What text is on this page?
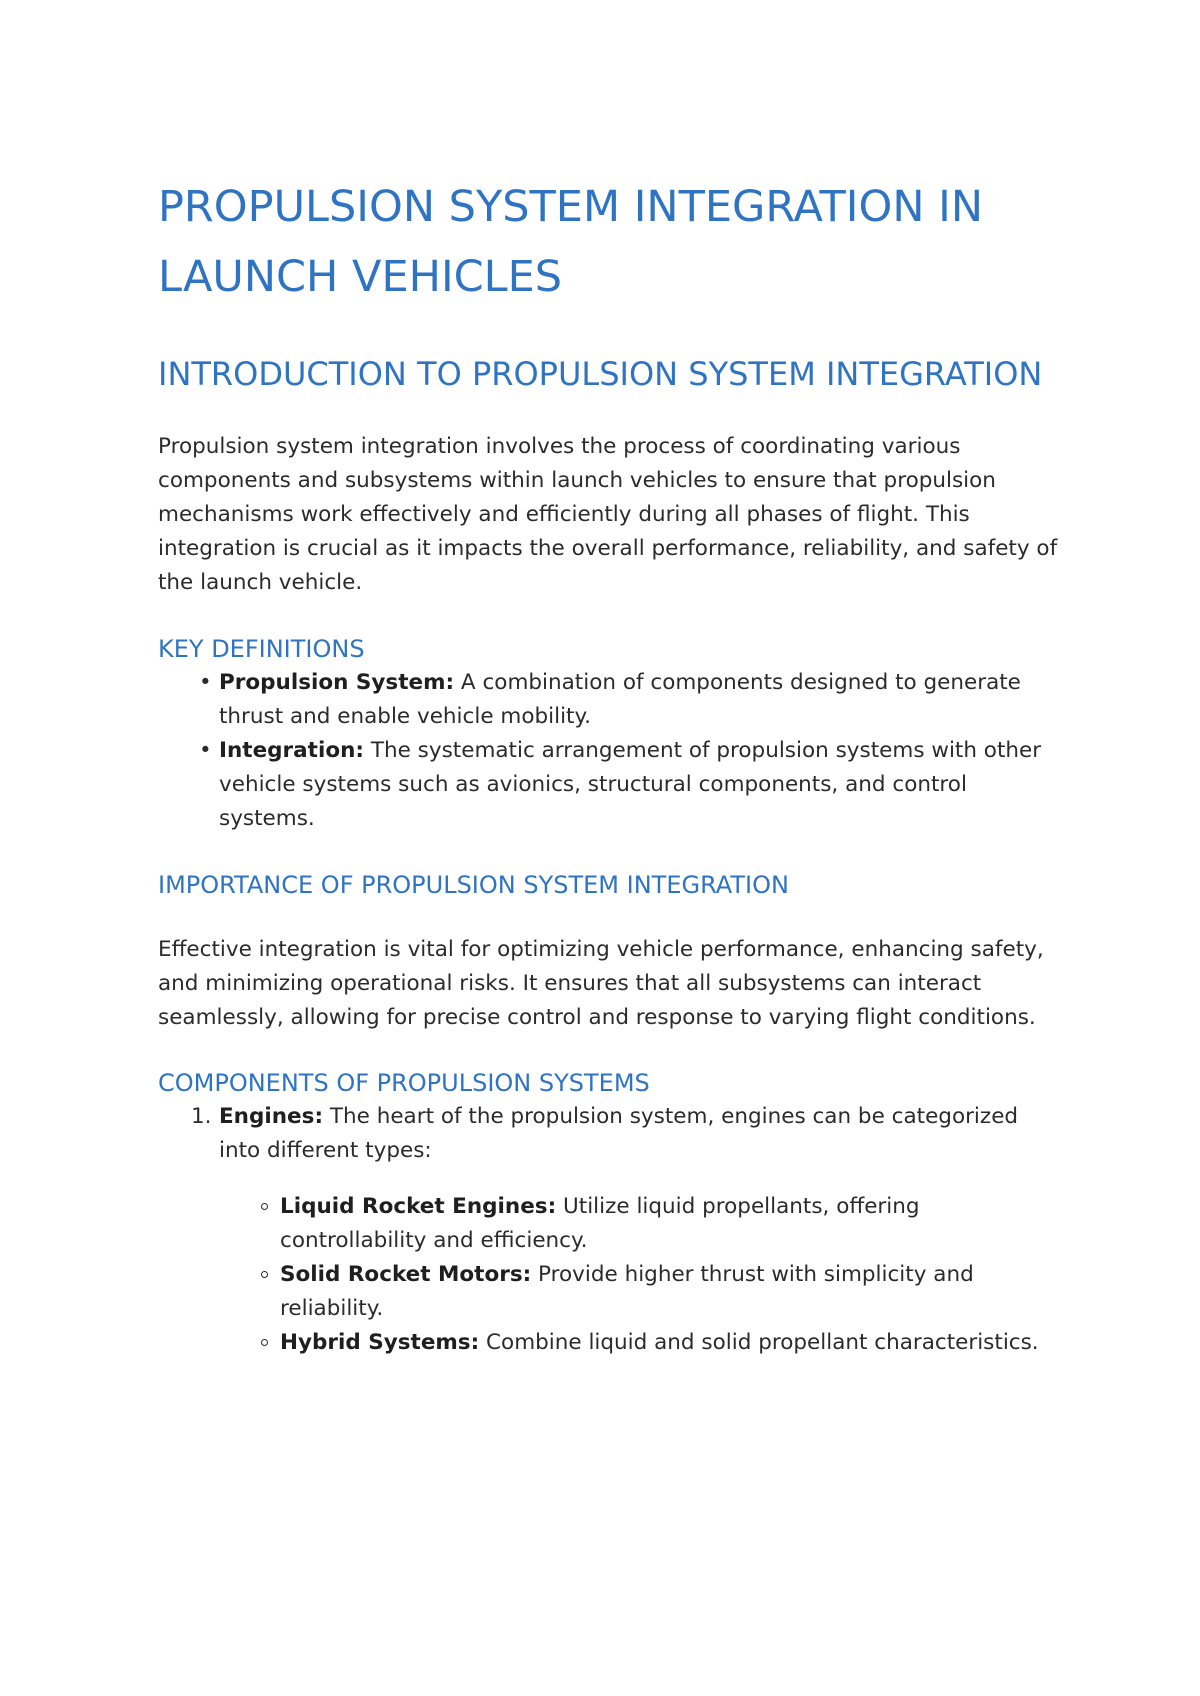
PROPULSION SYSTEM INTEGRATION IN LAUNCH VEHICLES
INTRODUCTION TO PROPULSION SYSTEM INTEGRATION

Propulsion system integration involves the process of coordinating various components and subsystems within launch vehicles to ensure that propulsion mechanisms work effectively and efficiently during all phases of flight. This integration is crucial as it impacts the overall performance, reliability, and safety of the launch vehicle.

KEY DEFINITIONS
• Propulsion System: A combination of components designed to generate thrust and enable vehicle mobility.
• Integration: The systematic arrangement of propulsion systems with other vehicle systems such as avionics, structural components, and control systems.
IMPORTANCE OF PROPULSION SYSTEM INTEGRATION

Effective integration is vital for optimizing vehicle performance, enhancing safety, and minimizing operational risks. It ensures that all subsystems can interact seamlessly, allowing for precise control and response to varying flight conditions.

COMPONENTS OF PROPULSION SYSTEMS
1. Engines: The heart of the propulsion system, engines can be categorized into different types:
Liquid Rocket Engines: Utilize liquid propellants, offering controllability and efficiency.
Solid Rocket Motors: Provide higher thrust with simplicity and reliability.
Hybrid Systems: Combine liquid and solid propellant characteristics.
